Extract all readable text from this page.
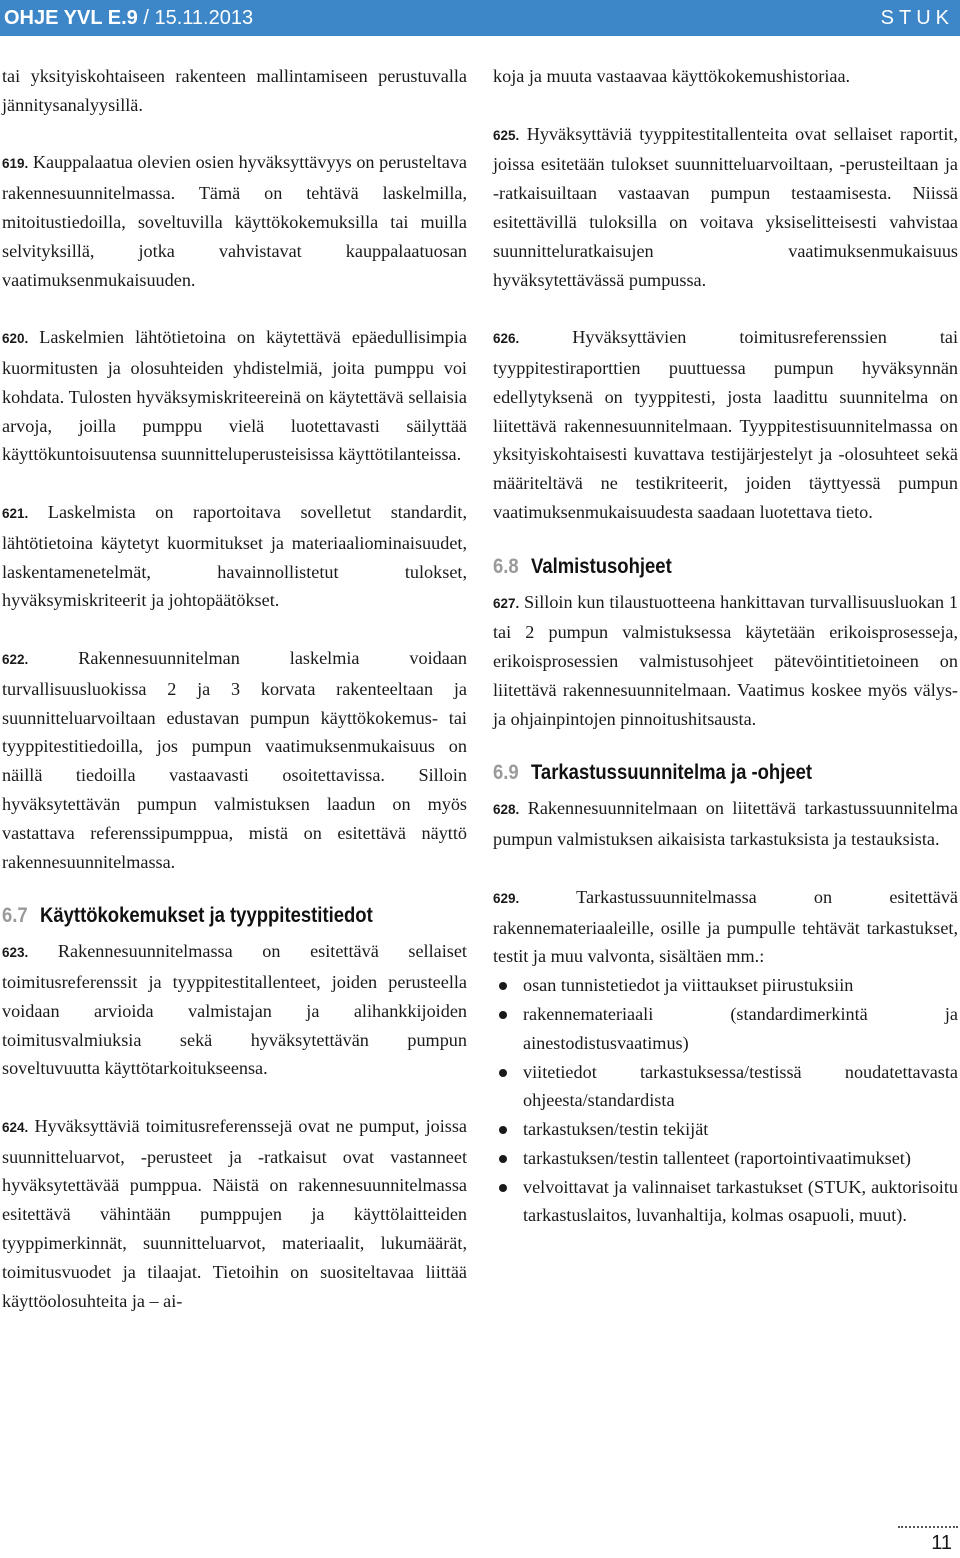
OHJE YVL E.9 / 15.11.2013	STUK

tai yksityiskohtaiseen rakenteen mallintamiseen perustuvalla jännitysanalyysillä.

619. Kauppalaatua olevien osien hyväksyttävyys on perusteltava rakennesuunnitelmassa. Tämä on tehtävä laskelmilla, mitoitustiedoilla, soveltuvilla käyttökokemuksilla tai muilla selvityksillä, jotka vahvistavat kauppalaatuosan vaatimuksenmukaisuuden.

620. Laskelmien lähtötietoina on käytettävä epäedullisimpia kuormitusten ja olosuhteiden yhdistelmiä, joita pumppu voi kohdata. Tulosten hyväksymiskriteereinä on käytettävä sellaisia arvoja, joilla pumppu vielä luotettavasti säilyttää käyttökuntoisuutensa suunnitteluperusteisissa käyttötilanteissa.

621. Laskelmista on raportoitava sovelletut standardit, lähtötietoina käytetyt kuormitukset ja materiaaliominaisuudet, laskentamenetelmät, havainnollistetut tulokset, hyväksymiskriteerit ja johtopäätökset.

622. Rakennesuunnitelman laskelmia voidaan turvallisuusluokissa 2 ja 3 korvata rakenteeltaan ja suunnitteluarvoiltaan edustavan pumpun käyttökokemus- tai tyyppitestitiedoilla, jos pumpun vaatimuksenmukaisuus on näillä tiedoilla vastaavasti osoitettavissa. Silloin hyväksytettävän pumpun valmistuksen laadun on myös vastattava referenssipumppua, mistä on esitettävä näyttö rakennesuunnitelmassa.

6.7 Käyttökokemukset ja tyyppitestitiedot

623. Rakennesuunnitelmassa on esitettävä sellaiset toimitusreferenssit ja tyyppitestitallenteet, joiden perusteella voidaan arvioida valmistajan ja alihankkijoiden toimitusvalmiuksia sekä hyväksytettävän pumpun soveltuvuutta käyttötarkoitukseensa.

624. Hyväksyttäviä toimitusreferenssejä ovat ne pumput, joissa suunnitteluarvot, -perusteet ja -ratkaisut ovat vastanneet hyväksytettävää pumppua. Näistä on rakennesuunnitelmassa esitettävä vähintään pumppujen ja käyttölaitteiden tyyppimerkinnät, suunnitteluarvot, materiaalit, lukumäärät, toimitusvuodet ja tilaajat. Tietoihin on suositeltavaa liittää käyttöolosuhteita ja – ai-

koja ja muuta vastaavaa käyttökokemushistoriaa.

625. Hyväksyttäviä tyyppitestitallenteita ovat sellaiset raportit, joissa esitetään tulokset suunnitteluarvoiltaan, -perusteiltaan ja -ratkaisuiltaan vastaavan pumpun testaamisesta. Niissä esitettävillä tuloksilla on voitava yksiselitteisesti vahvistaa suunnitteluratkaisujen vaatimuksenmukaisuus hyväksytettävässä pumpussa.

626. Hyväksyttävien toimitusreferenssien tai tyyppitestiraporttien puuttuessa pumpun hyväksynnän edellytyksenä on tyyppitesti, josta laadittu suunnitelma on liitettävä rakennesuunnitelmaan. Tyyppitestisuunnitelmassa on yksityiskohtaisesti kuvattava testijärjestelyt ja -olosuhteet sekä määriteltävä ne testikriteerit, joiden täyttyessä pumpun vaatimuksenmukaisuudesta saadaan luotettava tieto.

6.8 Valmistusohjeet

627. Silloin kun tilaustuotteena hankittavan turvallisuusluokan 1 tai 2 pumpun valmistuksessa käytetään erikoisprosesseja, erikoisprosessien valmistusohjeet pätevöintitietoineen on liitettävä rakennesuunnitelmaan. Vaatimus koskee myös välys- ja ohjainpintojen pinnoitushitsausta.

6.9 Tarkastussuunnitelma ja -ohjeet

628. Rakennesuunnitelmaan on liitettävä tarkastussuunnitelma pumpun valmistuksen aikaisista tarkastuksista ja testauksista.

629. Tarkastussuunnitelmassa on esitettävä rakennemateriaaleille, osille ja pumpulle tehtävät tarkastukset, testit ja muu valvonta, sisältäen mm.:

osan tunnistetiedot ja viittaukset piirustuksiin
rakennemateriaali (standardimerkintä ja ainestodistusvaatimus)
viitetiedot tarkastuksessa/testissä noudatettavasta ohjeesta/standardista
tarkastuksen/testin tekijät
tarkastuksen/testin tallenteet (raportointivaatimukset)
velvoittavat ja valinnaiset tarkastukset (STUK, auktorisoitu tarkastuslaitos, luvanhaltija, kolmas osapuoli, muut).
11
